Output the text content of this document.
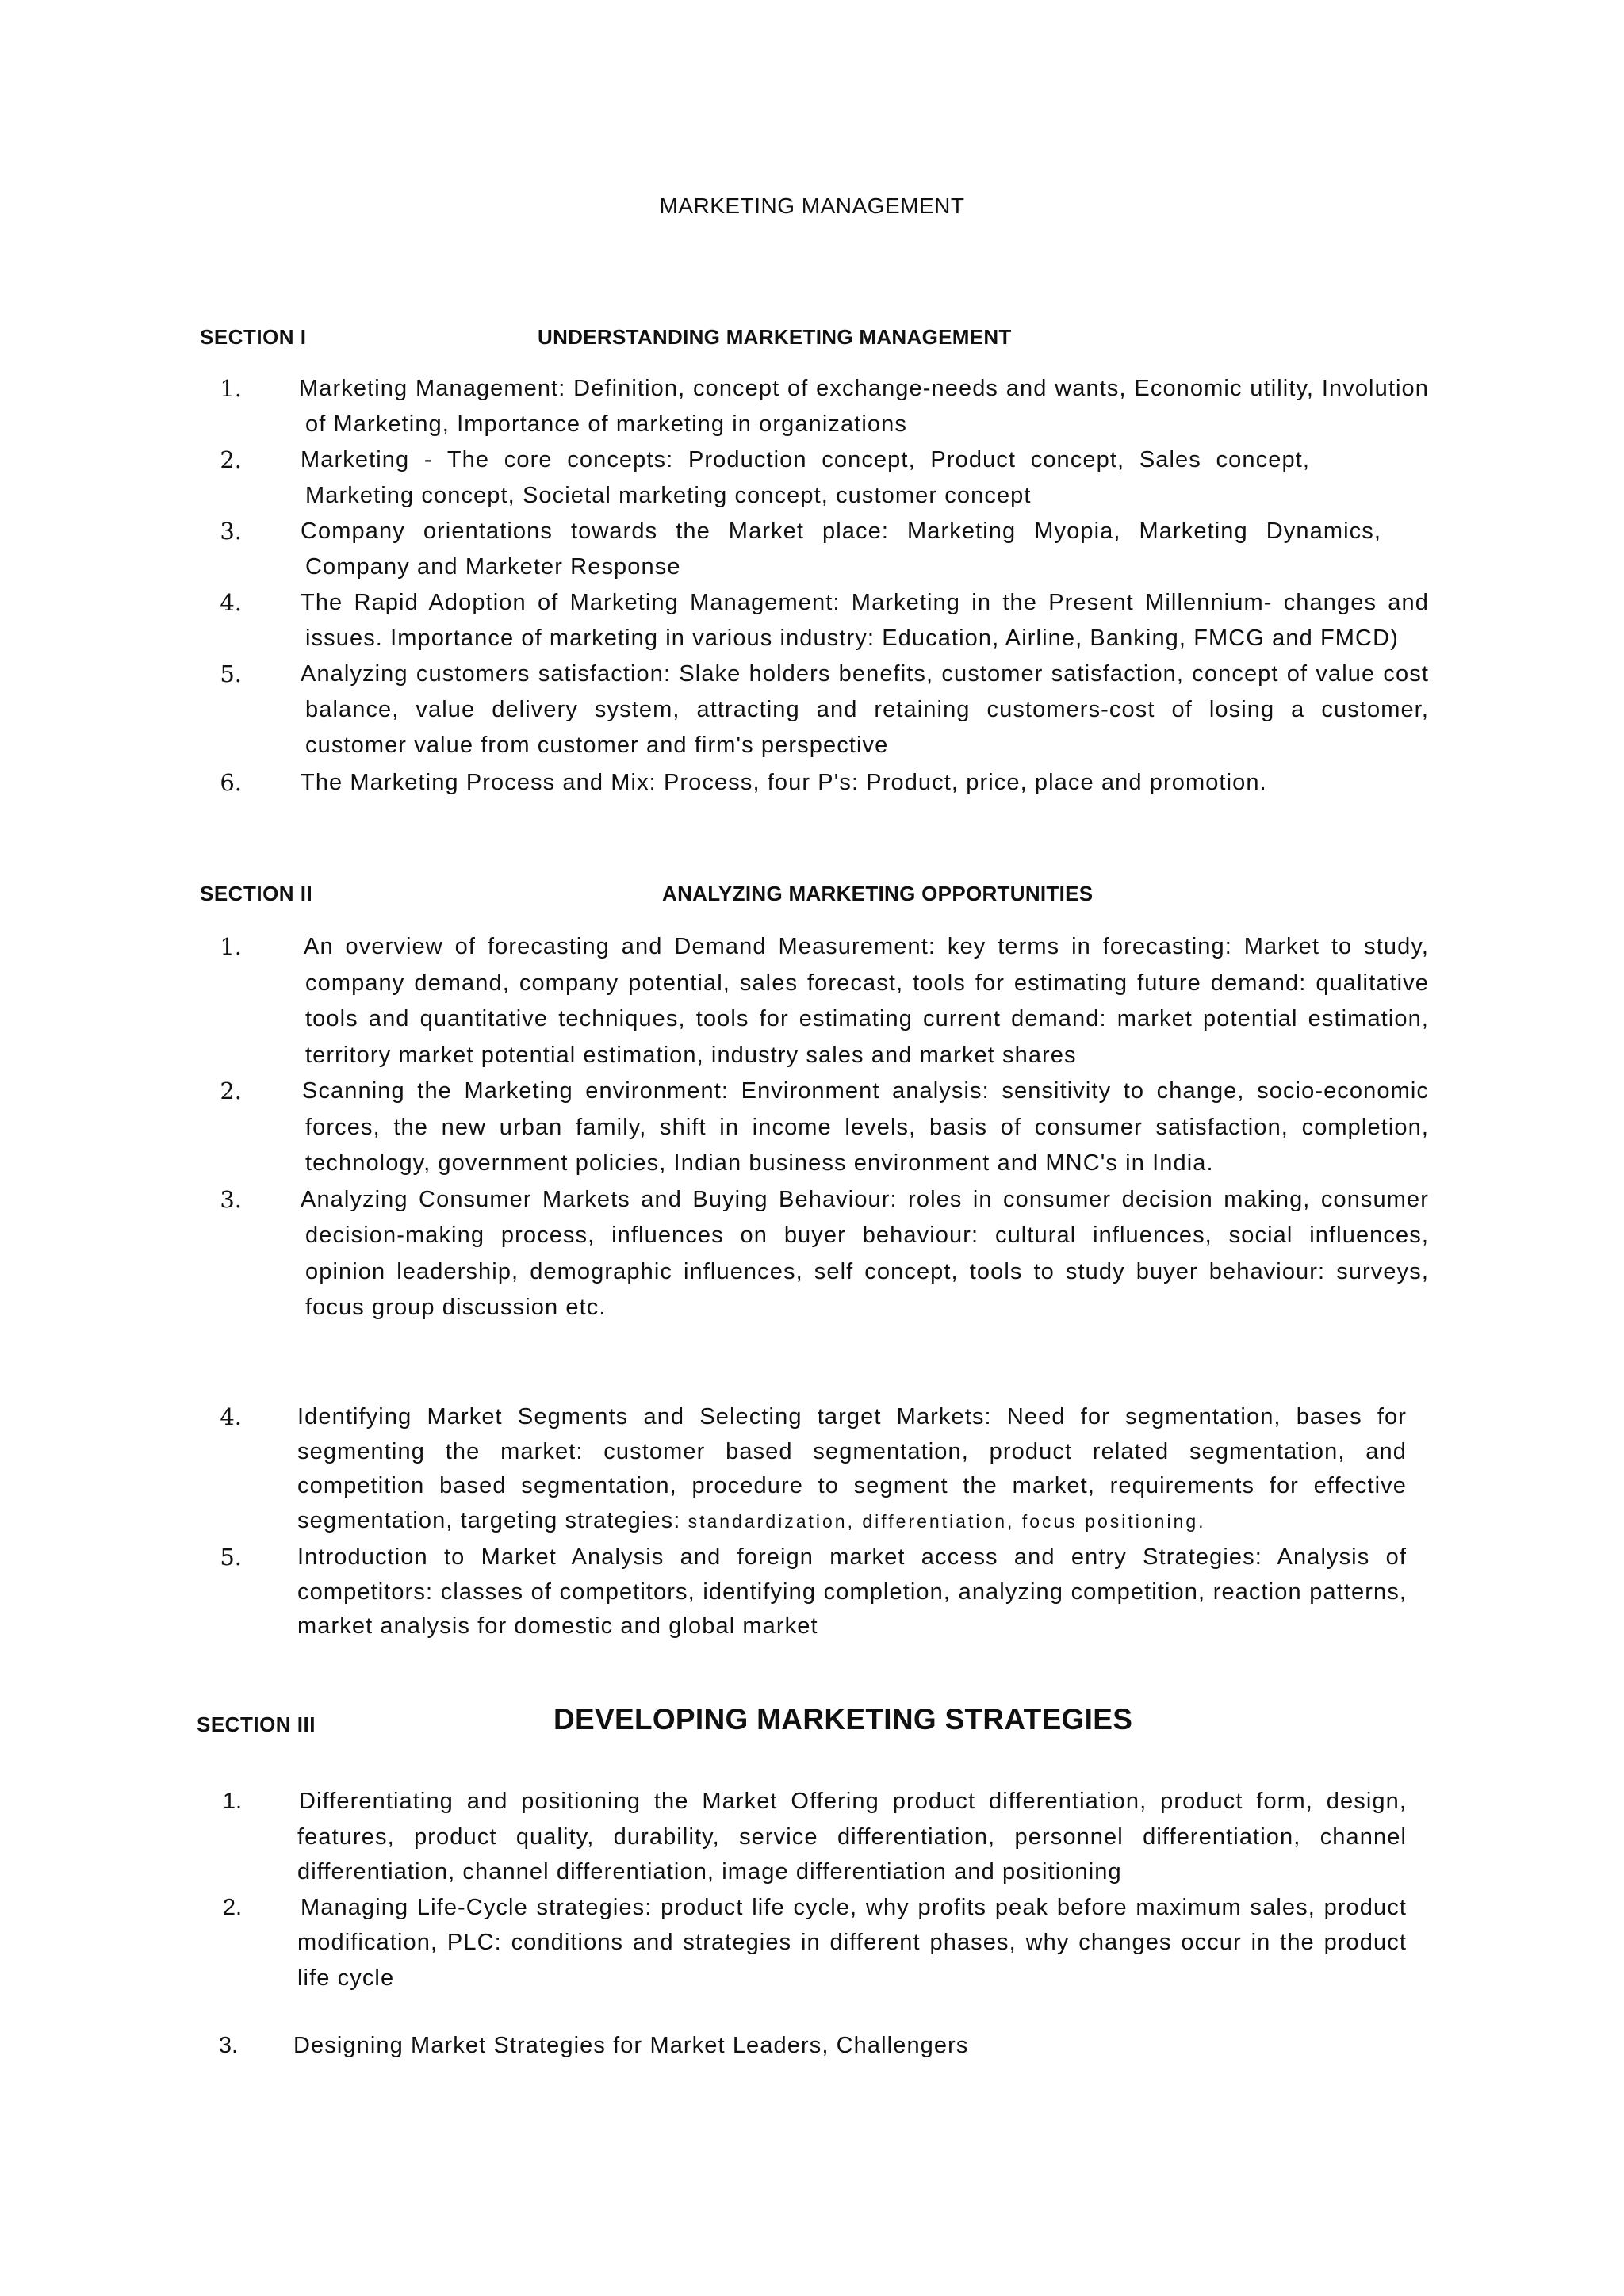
MARKETING MANAGEMENT
SECTION I	UNDERSTANDING MARKETING MANAGEMENT
1. Marketing Management: Definition, concept of exchange-needs and wants, Economic utility, Involution of Marketing, Importance of marketing in organizations
2.	Marketing - The core concepts: Production concept, Product concept, Sales concept, Marketing concept, Societal marketing concept, customer concept
3.	Company orientations towards the Market place: Marketing Myopia, Marketing Dynamics, Company and Marketer Response
4.	The Rapid Adoption of Marketing Management: Marketing in the Present Millennium- changes and issues. Importance of marketing in various industry: Education, Airline, Banking, FMCG and FMCD)
5.	Analyzing customers satisfaction: Slake holders benefits, customer satisfaction, concept of value cost balance, value delivery system, attracting and retaining customers-cost of losing a customer, customer value from customer and firm's perspective
6.	The Marketing Process and Mix: Process, four P's: Product, price, place and promotion.
SECTION II	ANALYZING MARKETING OPPORTUNITIES
1.	An overview of forecasting and Demand Measurement: key terms in forecasting: Market to study, company demand, company potential, sales forecast, tools for estimating future demand: qualitative tools and quantitative techniques, tools for estimating current demand: market potential estimation, territory market potential estimation, industry sales and market shares
2.	Scanning the Marketing environment: Environment analysis: sensitivity to change, socio-economic forces, the new urban family, shift in income levels, basis of consumer satisfaction, completion, technology, government policies, Indian business environment and MNC's in India.
3.	Analyzing Consumer Markets and Buying Behaviour: roles in consumer decision making, consumer decision-making process, influences on buyer behaviour: cultural influences, social influences, opinion leadership, demographic influences, self concept, tools to study buyer behaviour: surveys, focus group discussion etc.
4. Identifying Market Segments and Selecting target Markets: Need for segmentation, bases for segmenting the market: customer based segmentation, product related segmentation, and competition based segmentation, procedure to segment the market, requirements for effective segmentation, targeting strategies: standardization, differentiation, focus positioning.
5. Introduction to Market Analysis and foreign market access and entry Strategies: Analysis of competitors: classes of competitors, identifying completion, analyzing competition, reaction patterns, market analysis for domestic and global market
SECTION III	DEVELOPING MARKETING STRATEGIES
1. Differentiating and positioning the Market Offering product differentiation, product form, design, features, product quality, durability, service differentiation, personnel differentiation, channel differentiation, channel differentiation, image differentiation and positioning
2.	Managing Life-Cycle strategies: product life cycle, why profits peak before maximum sales, product modification, PLC: conditions and strategies in different phases, why changes occur in the product life cycle
3. Designing Market Strategies for Market Leaders, Challengers
